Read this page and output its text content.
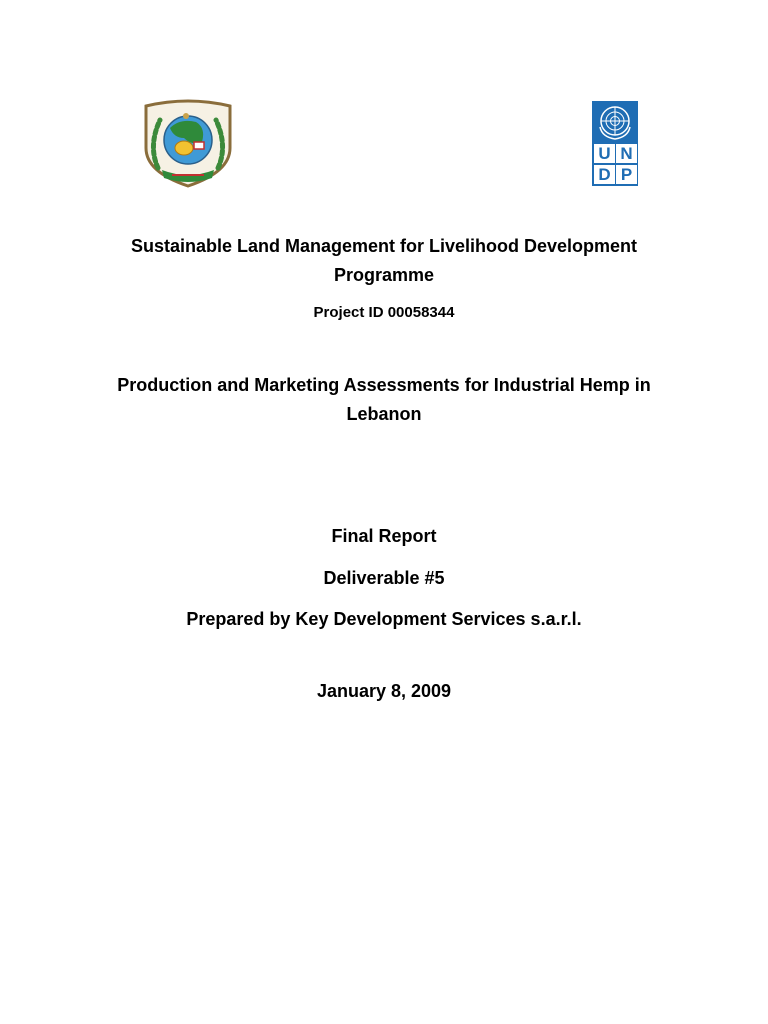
U N
D P

Sustainable Land Management for Livelihood Development Programme

Project ID 00058344

Production and Marketing Assessments for Industrial Hemp in Lebanon

Final Report

Deliverable #5

Prepared by Key Development Services s.a.r.l.

January 8, 2009
